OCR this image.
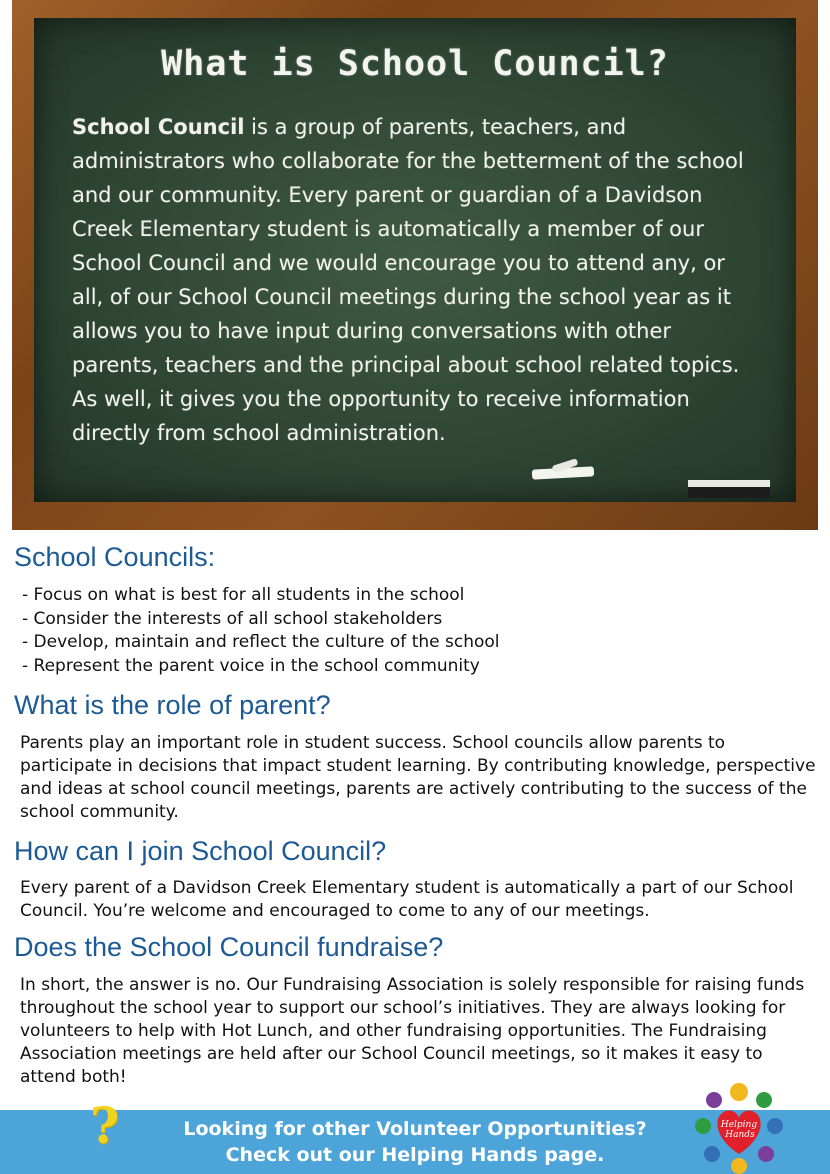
What is School Council?
School Council is a group of parents, teachers, and administrators who collaborate for the betterment of the school and our community. Every parent or guardian of a Davidson Creek Elementary student is automatically a member of our School Council and we would encourage you to attend any, or all, of our School Council meetings during the school year as it allows you to have input during conversations with other parents, teachers and the principal about school related topics. As well, it gives you the opportunity to receive information directly from school administration.
School Councils:
- Focus on what is best for all students in the school
- Consider the interests of all school stakeholders
- Develop, maintain and reflect the culture of the school
- Represent the parent voice in the school community
What is the role of parent?
Parents play an important role in student success. School councils allow parents to participate in decisions that impact student learning. By contributing knowledge, perspective and ideas at school council meetings, parents are actively contributing to the success of the school community.
How can I join School Council?
Every parent of a Davidson Creek Elementary student is automatically a part of our School Council. You’re welcome and encouraged to come to any of our meetings.
Does the School Council fundraise?
In short, the answer is no. Our Fundraising Association is solely responsible for raising funds throughout the school year to support our school’s initiatives. They are always looking for volunteers to help with Hot Lunch, and other fundraising opportunities. The Fundraising Association meetings are held after our School Council meetings, so it makes it easy to attend both!
Looking for other Volunteer Opportunities?
Check out our Helping Hands page.
?	Helping
Hands
